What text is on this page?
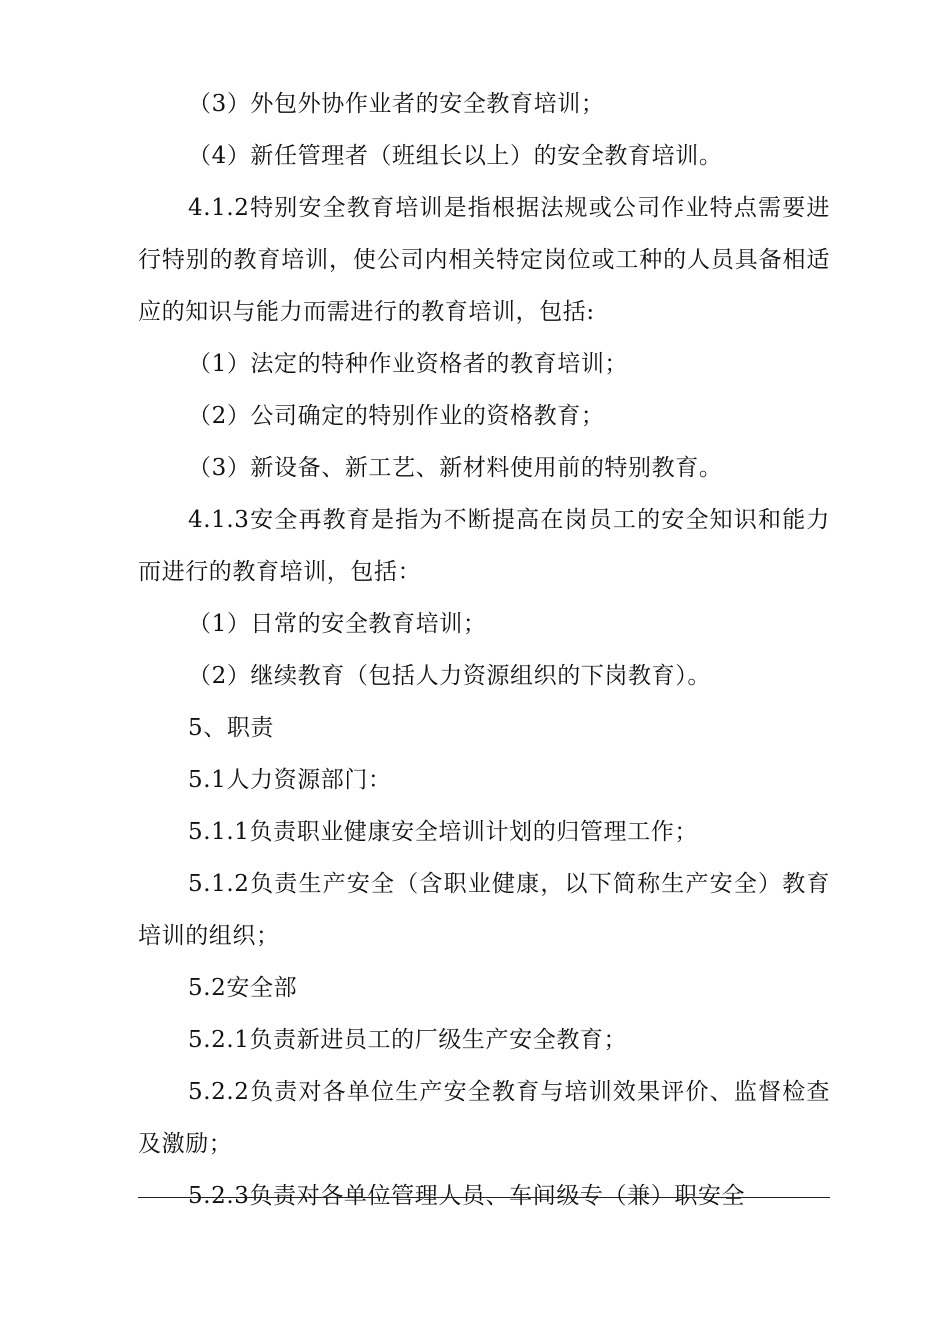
（3）外包外协作业者的安全教育培训；

（4）新任管理者（班组长以上）的安全教育培训。

4.1.2特别安全教育培训是指根据法规或公司作业特点需要进行特别的教育培训，使公司内相关特定岗位或工种的人员具备相适应的知识与能力而需进行的教育培训，包括:

（1）法定的特种作业资格者的教育培训；

（2）公司确定的特别作业的资格教育；

（3）新设备、新工艺、新材料使用前的特别教育。

4.1.3安全再教育是指为不断提高在岗员工的安全知识和能力而进行的教育培训，包括：

（1）日常的安全教育培训；

（2）继续教育（包括人力资源组织的下岗教育）。

5、职责

5.1人力资源部门：

5.1.1负责职业健康安全培训计划的归管理工作；

5.1.2负责生产安全（含职业健康，以下简称生产安全）教育培训的组织；

5.2安全部

5.2.1负责新进员工的厂级生产安全教育；

5.2.2负责对各单位生产安全教育与培训效果评价、监督检查及激励；

5.2.3负责对各单位管理人员、车间级专（兼）职安全
